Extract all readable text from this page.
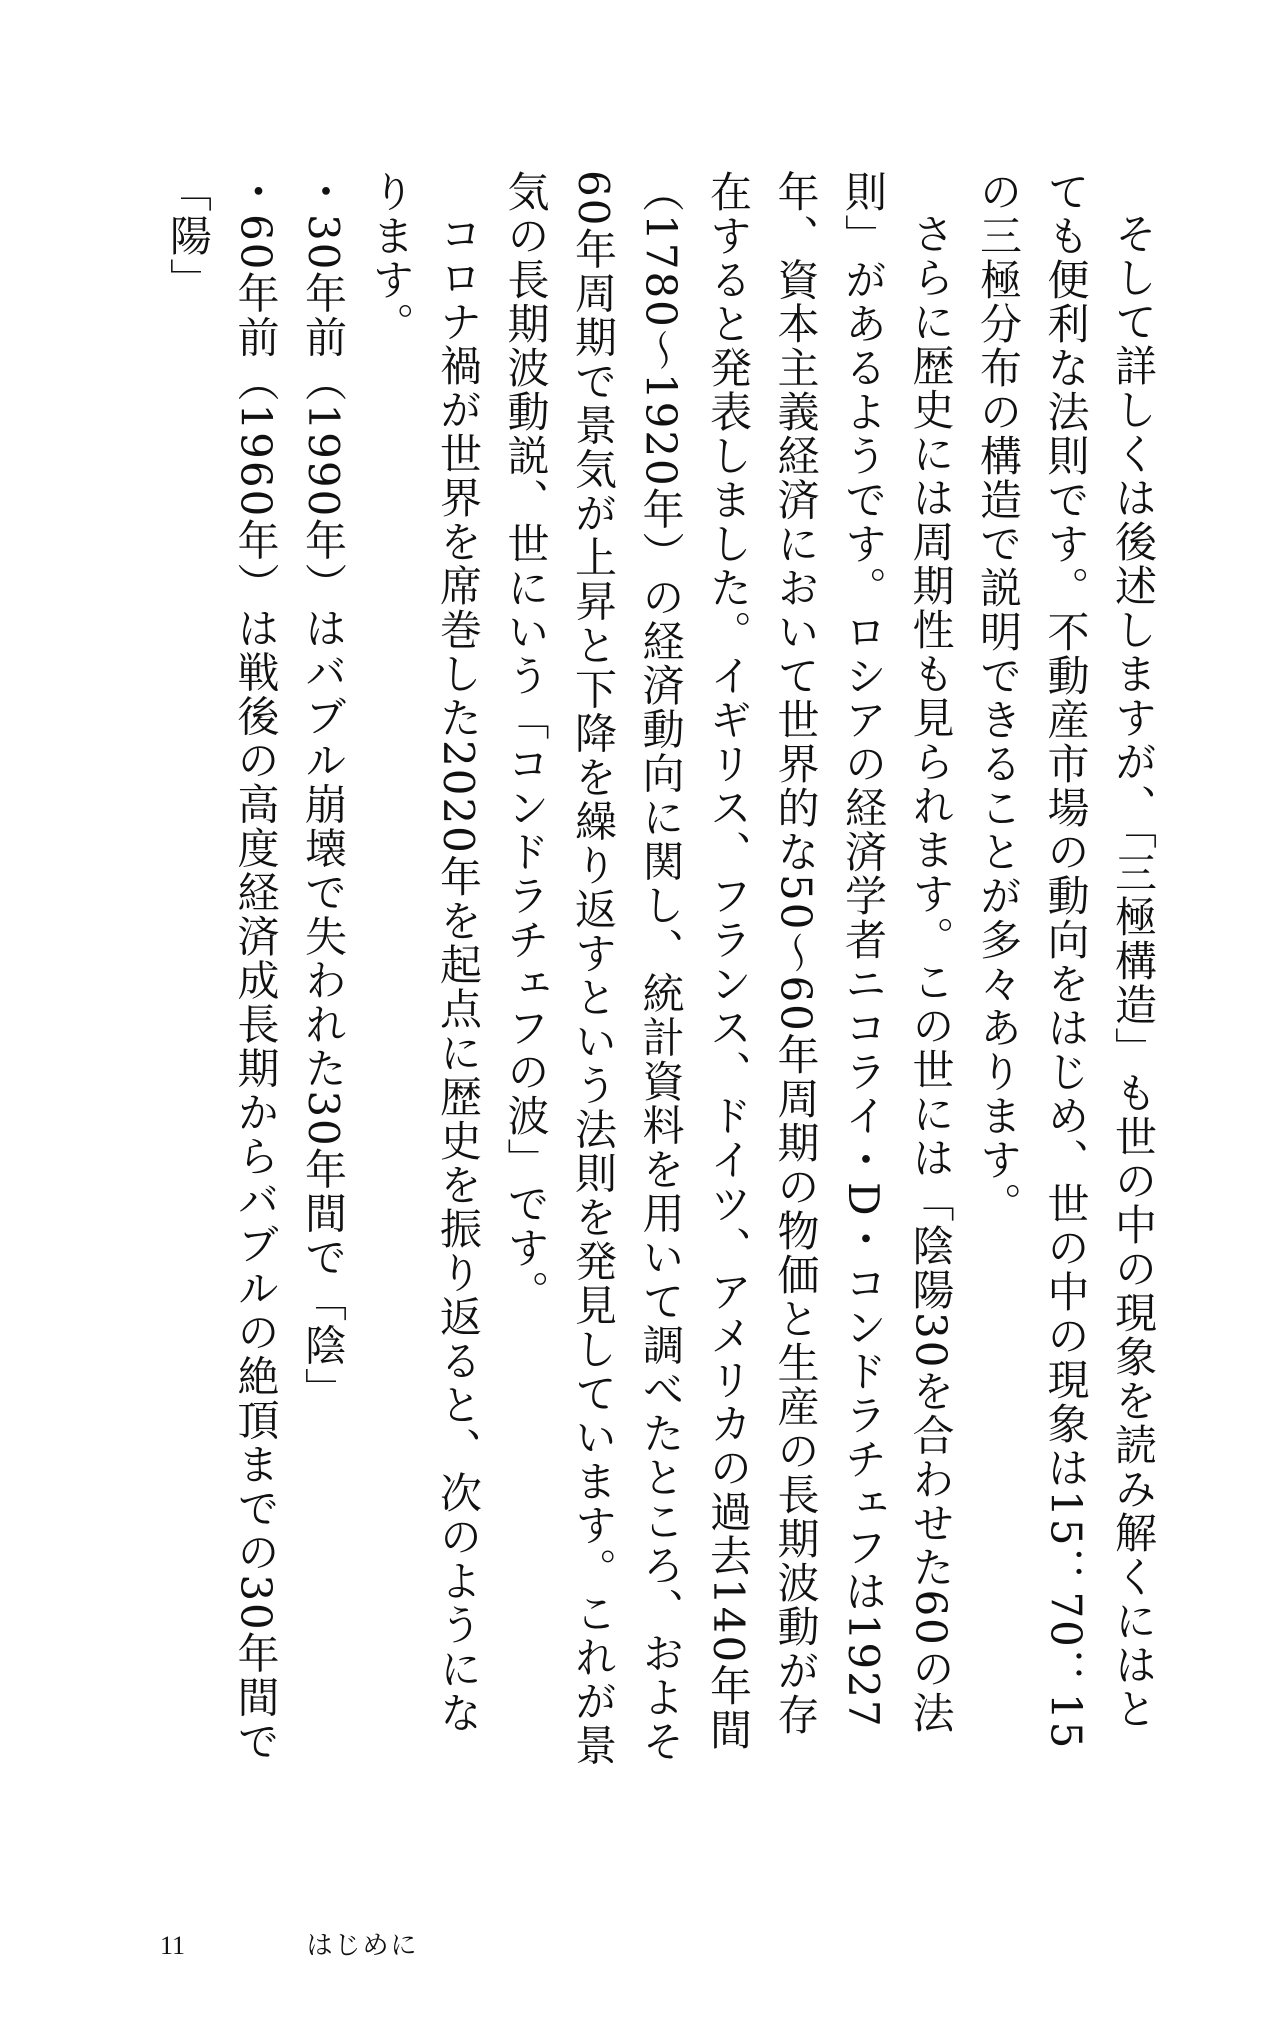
そして詳しくは後述しますが、「三極構造」も世の中の現象を読み解くにはとても便利な法則です。不動産市場の動向をはじめ、世の中の現象は15：70：15の三極分布の構造で説明できることが多々あります。

さらに歴史には周期性も見られます。この世には「陰陽30を合わせた60の法則」があるようです。ロシアの経済学者ニコライ・D・コンドラチェフは1927年、資本主義経済において世界的な50～60年周期の物価と生産の長期波動が存在すると発表しました。イギリス、フランス、ドイツ、アメリカの過去140年間（1780～1920年）の経済動向に関し、統計資料を用いて調べたところ、およそ60年周期で景気が上昇と下降を繰り返すという法則を発見しています。これが景気の長期波動説、世にいう「コンドラチェフの波」です。

コロナ禍が世界を席巻した2020年を起点に歴史を振り返ると、次のようになります。

・30年前（1990年）はバブル崩壊で失われた30年間で「陰」

・60年前（1960年）は戦後の高度経済成長期からバブルの絶頂までの30年間で「陽」

11	はじめに
